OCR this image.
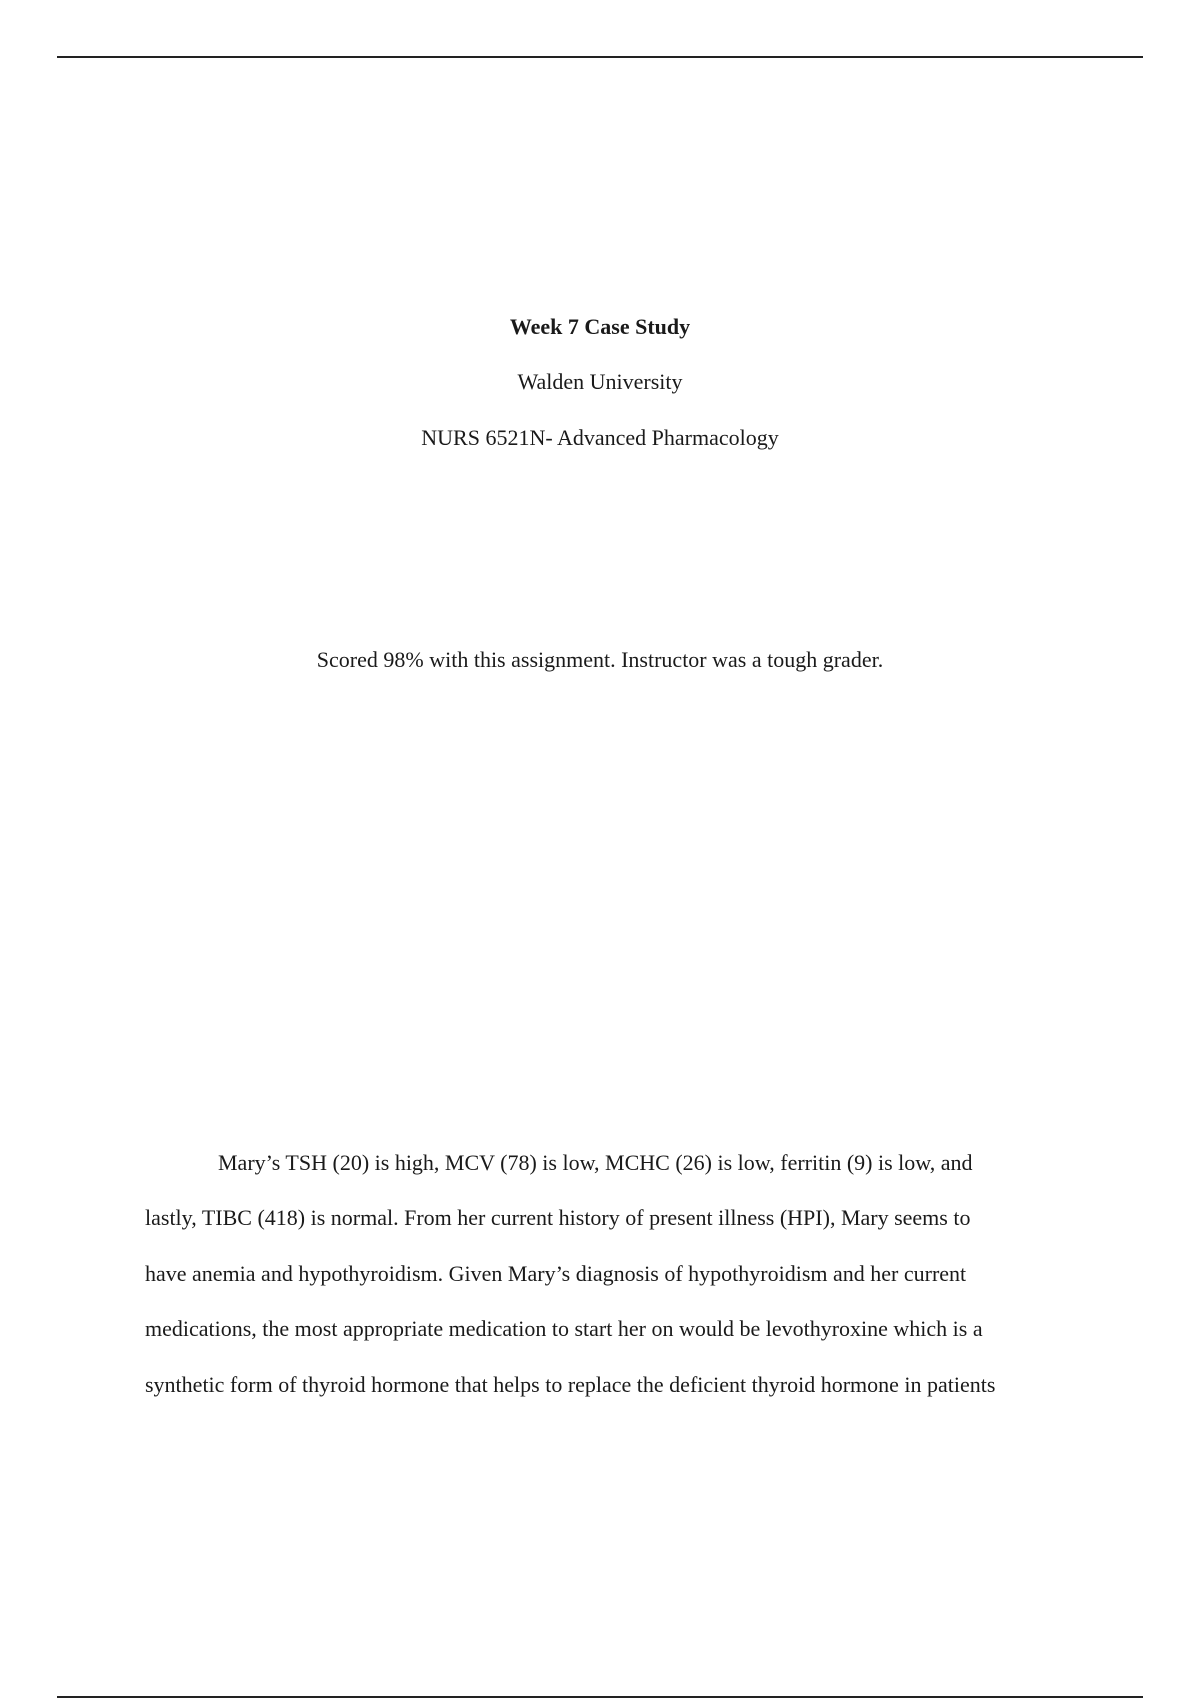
Week 7 Case Study
Walden University
NURS 6521N- Advanced Pharmacology
Scored 98% with this assignment. Instructor was a tough grader.
Mary’s TSH (20) is high, MCV (78) is low, MCHC (26) is low, ferritin (9) is low, and
lastly, TIBC (418) is normal. From her current history of present illness (HPI), Mary seems to
have anemia and hypothyroidism. Given Mary’s diagnosis of hypothyroidism and her current
medications, the most appropriate medication to start her on would be levothyroxine which is a
synthetic form of thyroid hormone that helps to replace the deficient thyroid hormone in patients
